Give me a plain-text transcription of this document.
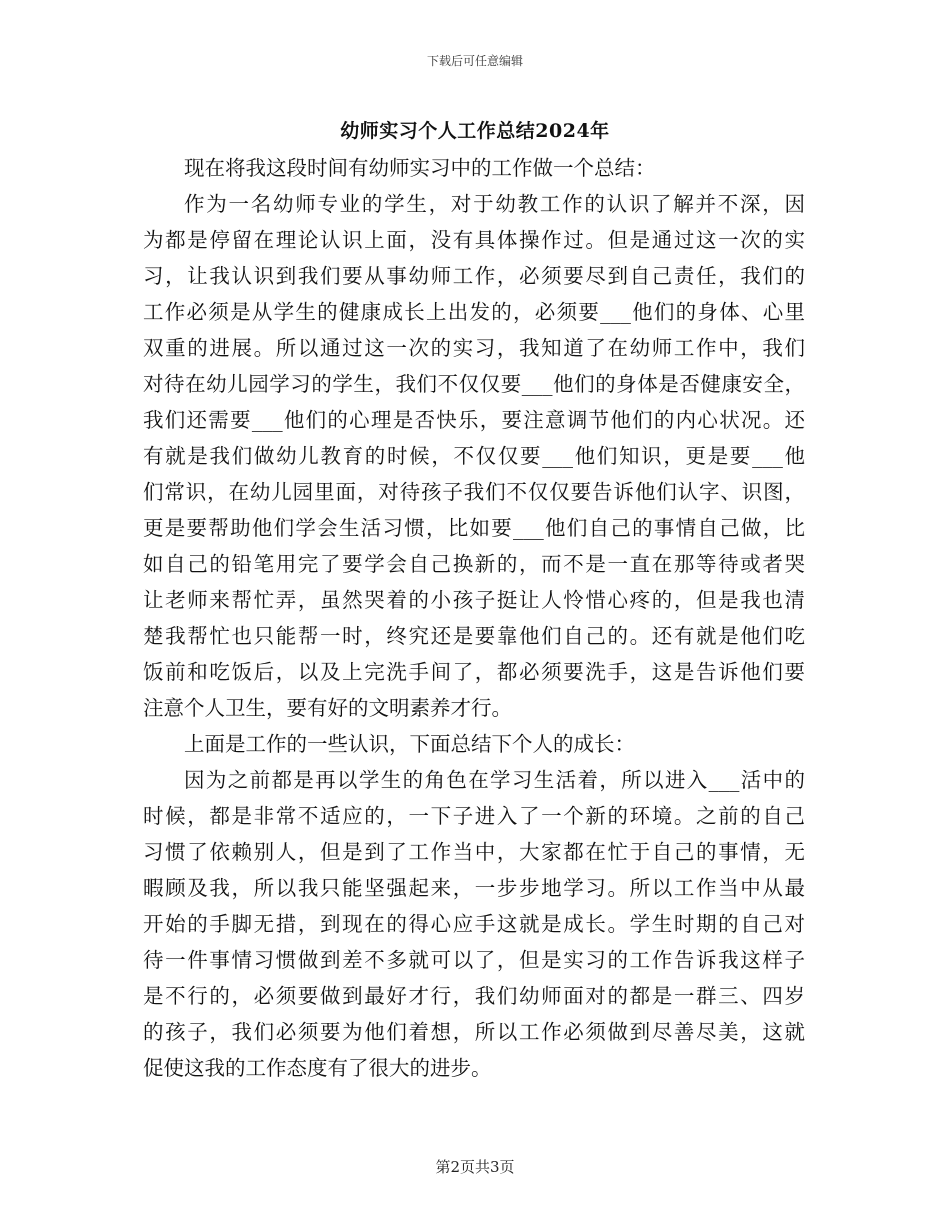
下载后可任意编辑
幼师实习个人工作总结2024年
现在将我这段时间有幼师实习中的工作做一个总结：
作为一名幼师专业的学生，对于幼教工作的认识了解并不深，因
为都是停留在理论认识上面，没有具体操作过。但是通过这一次的实
习，让我认识到我们要从事幼师工作，必须要尽到自己责任，我们的
工作必须是从学生的健康成长上出发的，必须要___他们的身体、心里
双重的进展。所以通过这一次的实习，我知道了在幼师工作中，我们
对待在幼儿园学习的学生，我们不仅仅要___他们的身体是否健康安全，
我们还需要___他们的心理是否快乐，要注意调节他们的内心状况。还
有就是我们做幼儿教育的时候，不仅仅要___他们知识，更是要___他
们常识，在幼儿园里面，对待孩子我们不仅仅要告诉他们认字、识图，
更是要帮助他们学会生活习惯，比如要___他们自己的事情自己做，比
如自己的铅笔用完了要学会自己换新的，而不是一直在那等待或者哭
让老师来帮忙弄，虽然哭着的小孩子挺让人怜惜心疼的，但是我也清
楚我帮忙也只能帮一时，终究还是要靠他们自己的。还有就是他们吃
饭前和吃饭后，以及上完洗手间了，都必须要洗手，这是告诉他们要
注意个人卫生，要有好的文明素养才行。
上面是工作的一些认识，下面总结下个人的成长：
因为之前都是再以学生的角色在学习生活着，所以进入___活中的
时候，都是非常不适应的，一下子进入了一个新的环境。之前的自己
习惯了依赖别人，但是到了工作当中，大家都在忙于自己的事情，无
暇顾及我，所以我只能坚强起来，一步步地学习。所以工作当中从最
开始的手脚无措，到现在的得心应手这就是成长。学生时期的自己对
待一件事情习惯做到差不多就可以了，但是实习的工作告诉我这样子
是不行的，必须要做到最好才行，我们幼师面对的都是一群三、四岁
的孩子，我们必须要为他们着想，所以工作必须做到尽善尽美，这就
促使这我的工作态度有了很大的进步。
第2页共3页
